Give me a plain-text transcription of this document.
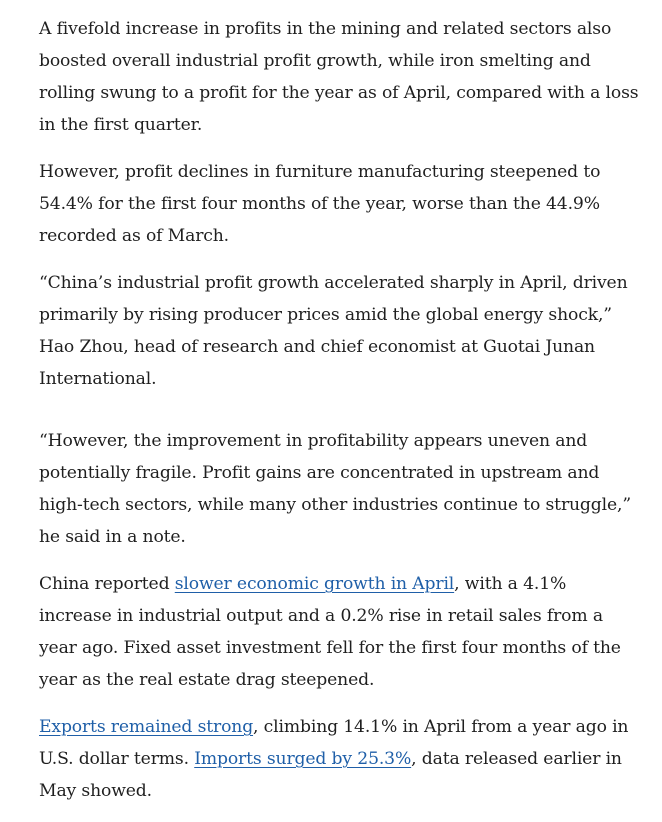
A fivefold increase in profits in the mining and related sectors also boosted overall industrial profit growth, while iron smelting and rolling swung to a profit for the year as of April, compared with a loss in the first quarter.

However, profit declines in furniture manufacturing steepened to 54.4% for the first four months of the year, worse than the 44.9% recorded as of March.

“China’s industrial profit growth accelerated sharply in April, driven primarily by rising producer prices amid the global energy shock,” Hao Zhou, head of research and chief economist at Guotai Junan International.

“However, the improvement in profitability appears uneven and potentially fragile. Profit gains are concentrated in upstream and high-tech sectors, while many other industries continue to struggle,” he said in a note.

China reported slower economic growth in April, with a 4.1% increase in industrial output and a 0.2% rise in retail sales from a year ago. Fixed asset investment fell for the first four months of the year as the real estate drag steepened.

Exports remained strong, climbing 14.1% in April from a year ago in U.S. dollar terms. Imports surged by 25.3%, data released earlier in May showed.
